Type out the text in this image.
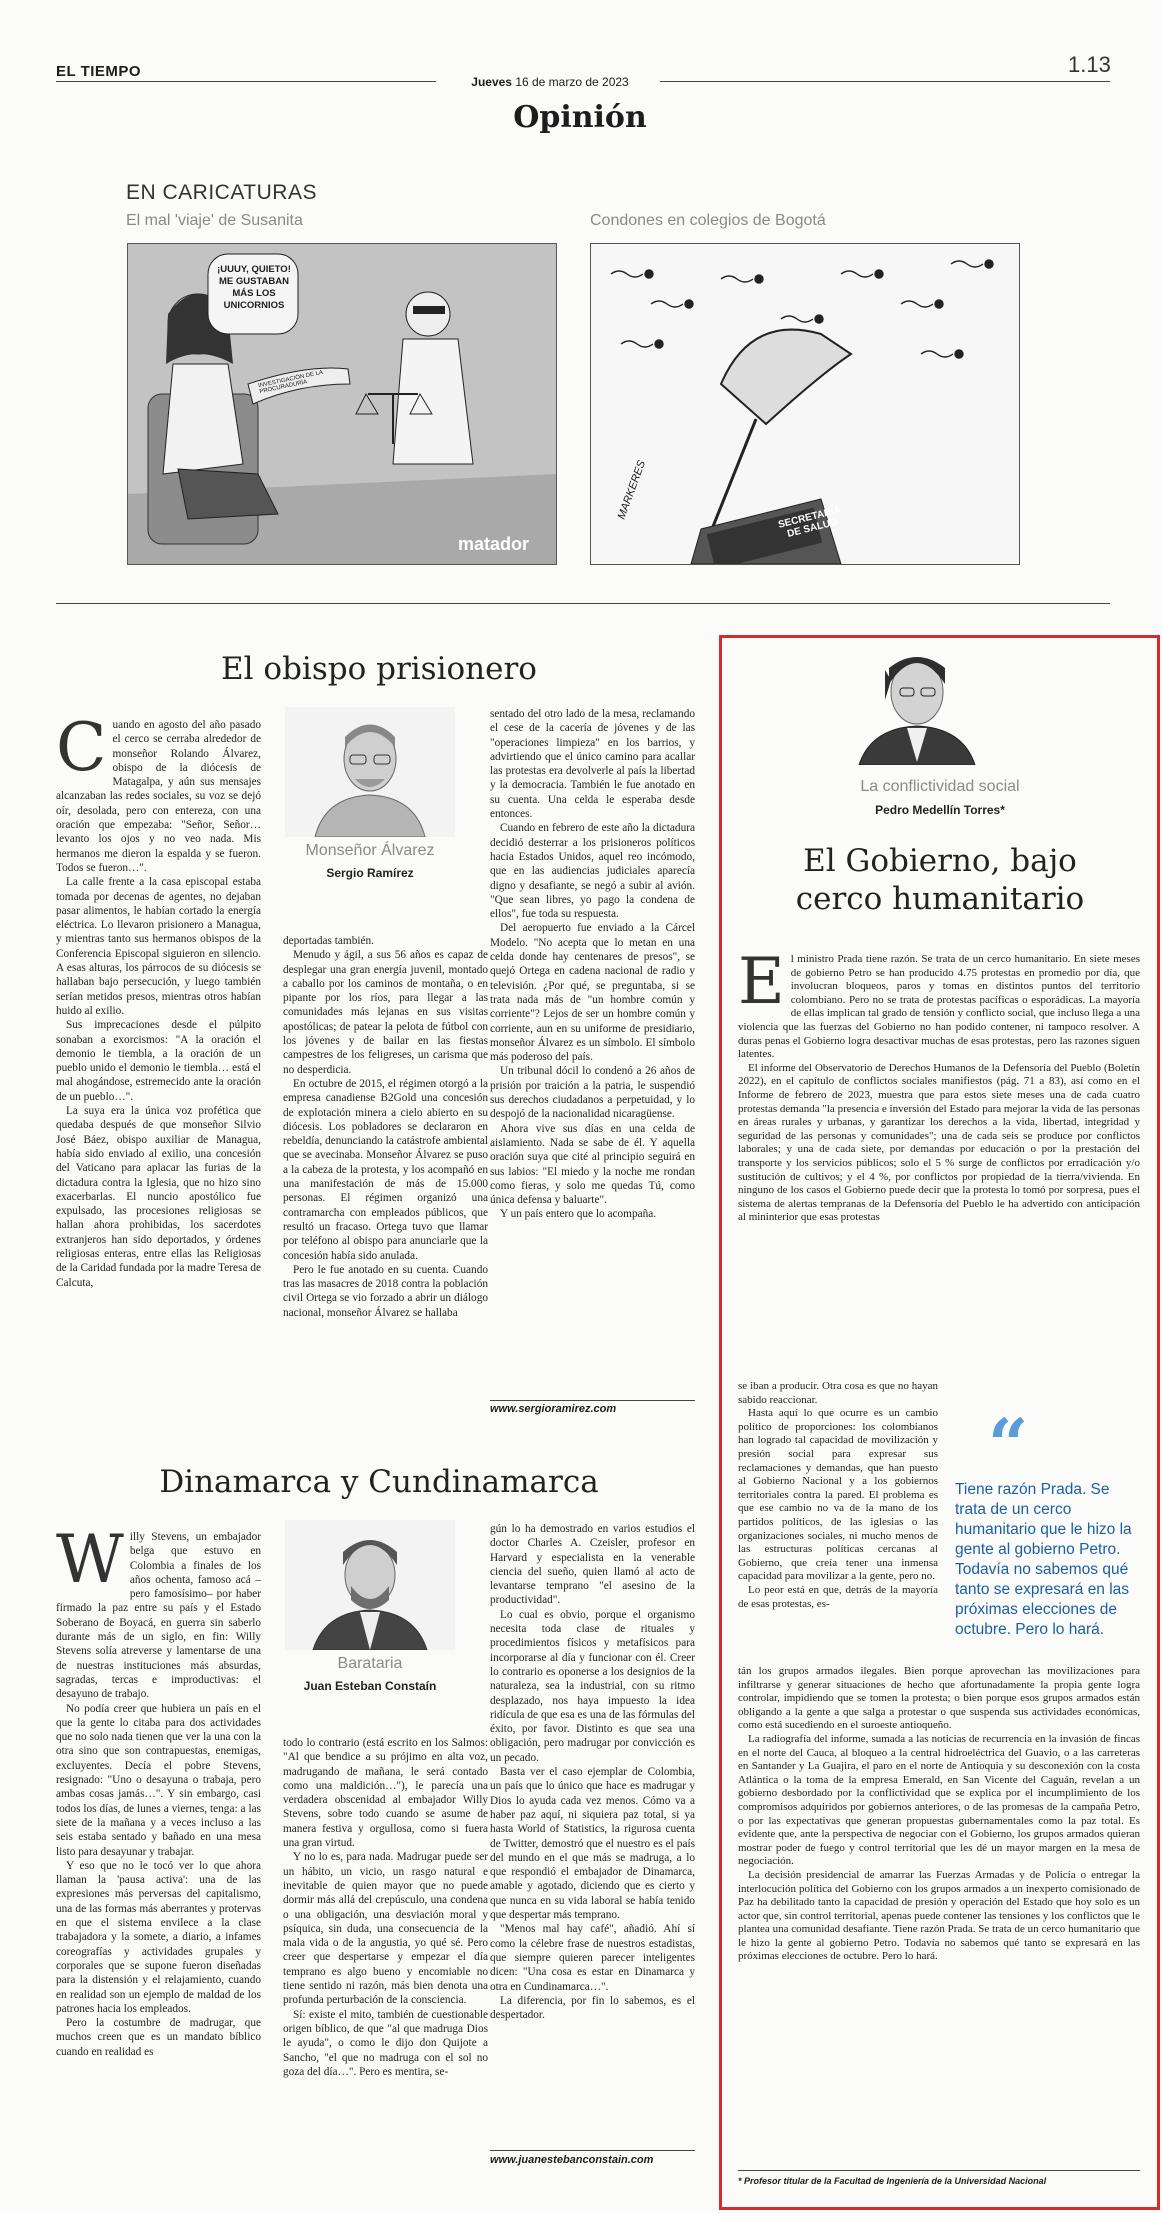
EL TIEMPO	1.13
Jueves 16 de marzo de 2023
Opinión
EN CARICATURAS
El mal 'viaje' de Susanita	Condones en colegios de Bogotá
¡UUUY, QUIETO! ME GUSTABAN MÁS LOS UNICORNIOS
INVESTIGACIÓN DE LA PROCURADURÍA
matador
SECRETARÍA DE SALUD
MARKERES
El obispo prisionero
C uando en agosto del año pasado el cerco se cerraba alrededor de monseñor Rolando Álvarez, obispo de la diócesis de Matagalpa, y aún sus mensajes alcanzaban las redes sociales, su voz se dejó oír, desolada, pero con entereza, con una oración que empezaba: "Señor, Señor… levanto los ojos y no veo nada. Mis hermanos me dieron la espalda y se fueron. Todos se fueron…".

La calle frente a la casa episcopal estaba tomada por decenas de agentes, no dejaban pasar alimentos, le habían cortado la energía eléctrica. Lo llevaron prisionero a Managua, y mientras tanto sus hermanos obispos de la Conferencia Episcopal siguieron en silencio. A esas alturas, los párrocos de su diócesis se hallaban bajo persecución, y luego también serían metidos presos, mientras otros habían huido al exilio.

Sus imprecaciones desde el púlpito sonaban a exorcismos: "A la oración el demonio le tiembla, a la oración de un pueblo unido el demonio le tiembla… está el mal ahogándose, estremecido ante la oración de un pueblo…".

La suya era la única voz profética que quedaba después de que monseñor Silvio José Báez, obispo auxiliar de Managua, había sido enviado al exilio, una concesión del Vaticano para aplacar las furias de la dictadura contra la Iglesia, que no hizo sino exacerbarlas. El nuncio apostólico fue expulsado, las procesiones religiosas se hallan ahora prohibidas, los sacerdotes extranjeros han sido deportados, y órdenes religiosas enteras, entre ellas las Religiosas de la Caridad fundada por la madre Teresa de Calcuta,

Monseñor Álvarez
Sergio Ramírez

deportadas también.

Menudo y ágil, a sus 56 años es capaz de desplegar una gran energía juvenil, montado a caballo por los caminos de montaña, o en pipante por los ríos, para llegar a las comunidades más lejanas en sus visitas apostólicas; de patear la pelota de fútbol con los jóvenes y de bailar en las fiestas campestres de los feligreses, un carisma que no desperdicia.

En octubre de 2015, el régimen otorgó a la empresa canadiense B2Gold una concesión de explotación minera a cielo abierto en su diócesis. Los pobladores se declararon en rebeldía, denunciando la catástrofe ambiental que se avecinaba. Monseñor Álvarez se puso a la cabeza de la protesta, y los acompañó en una manifestación de más de 15.000 personas. El régimen organizó una contramarcha con empleados públicos, que resultó un fracaso. Ortega tuvo que llamar por teléfono al obispo para anunciarle que la concesión había sido anulada.

Pero le fue anotado en su cuenta. Cuando tras las masacres de 2018 contra la población civil Ortega se vio forzado a abrir un diálogo nacional, monseñor Álvarez se hallaba

sentado del otro lado de la mesa, reclamando el cese de la cacería de jóvenes y de las "operaciones limpieza" en los barrios, y advirtiendo que el único camino para acallar las protestas era devolverle al país la libertad y la democracia. También le fue anotado en su cuenta. Una celda le esperaba desde entonces.

Cuando en febrero de este año la dictadura decidió desterrar a los prisioneros políticos hacia Estados Unidos, aquel reo incómodo, que en las audiencias judiciales aparecía digno y desafiante, se negó a subir al avión. "Que sean libres, yo pago la condena de ellos", fue toda su respuesta.

Del aeropuerto fue enviado a la Cárcel Modelo. "No acepta que lo metan en una celda donde hay centenares de presos", se quejó Ortega en cadena nacional de radio y televisión. ¿Por qué, se preguntaba, si se trata nada más de "un hombre común y corriente"? Lejos de ser un hombre común y corriente, aun en su uniforme de presidiario, monseñor Álvarez es un símbolo. El símbolo más poderoso del país.

Un tribunal dócil lo condenó a 26 años de prisión por traición a la patria, le suspendió sus derechos ciudadanos a perpetuidad, y lo despojó de la nacionalidad nicaragüense.

Ahora vive sus días en una celda de aislamiento. Nada se sabe de él. Y aquella oración suya que cité al principio seguirá en sus labios: "El miedo y la noche me rondan como fieras, y solo me quedas Tú, como única defensa y baluarte".

Y un país entero que lo acompaña.

www.sergioramirez.com
Dinamarca y Cundinamarca
W illy Stevens, un embajador belga que estuvo en Colombia a finales de los años ochenta, famoso acá –pero famosísimo– por haber firmado la paz entre su país y el Estado Soberano de Boyacá, en guerra sin saberlo durante más de un siglo, en fin: Willy Stevens solía atreverse y lamentarse de una de nuestras instituciones más absurdas, sagradas, tercas e improductivas: el desayuno de trabajo.

No podía creer que hubiera un país en el que la gente lo citaba para dos actividades que no solo nada tienen que ver la una con la otra sino que son contrapuestas, enemigas, excluyentes. Decía el pobre Stevens, resignado: "Uno o desayuna o trabaja, pero ambas cosas jamás…". Y sin embargo, casi todos los días, de lunes a viernes, tenga: a las siete de la mañana y a veces incluso a las seis estaba sentado y bañado en una mesa listo para desayunar y trabajar.

Y eso que no le tocó ver lo que ahora llaman la 'pausa activa': una de las expresiones más perversas del capitalismo, una de las formas más aberrantes y protervas en que el sistema envilece a la clase trabajadora y la somete, a diario, a infames coreografías y actividades grupales y corporales que se supone fueron diseñadas para la distensión y el relajamiento, cuando en realidad son un ejemplo de maldad de los patrones hacia los empleados.

Pero la costumbre de madrugar, que muchos creen que es un mandato bíblico cuando en realidad es

Barataria
Juan Esteban Constaín

todo lo contrario (está escrito en los Salmos: "Al que bendice a su prójimo en alta voz, madrugando de mañana, le será contado como una maldición…"), le parecía una verdadera obscenidad al embajador Willy Stevens, sobre todo cuando se asume de manera festiva y orgullosa, como si fuera una gran virtud.

Y no lo es, para nada. Madrugar puede ser un hábito, un vicio, un rasgo natural e inevitable de quien mayor que no puede dormir más allá del crepúsculo, una condena o una obligación, una desviación moral y psíquica, sin duda, una consecuencia de la mala vida o de la angustia, yo qué sé. Pero creer que despertarse y empezar el día temprano es algo bueno y encomiable no tiene sentido ni razón, más bien denota una profunda perturbación de la consciencia.

Sí: existe el mito, también de cuestionable origen bíblico, de que "al que madruga Dios le ayuda", o como le dijo don Quijote a Sancho, "el que no madruga con el sol no goza del día…". Pero es mentira, se-

gún lo ha demostrado en varios estudios el doctor Charles A. Czeisler, profesor en Harvard y especialista en la venerable ciencia del sueño, quien llamó al acto de levantarse temprano "el asesino de la productividad".

Lo cual es obvio, porque el organismo necesita toda clase de rituales y procedimientos físicos y metafísicos para incorporarse al día y funcionar con él. Creer lo contrario es oponerse a los designios de la naturaleza, sea la industrial, con su ritmo desplazado, nos haya impuesto la idea ridícula de que esa es una de las fórmulas del éxito, por favor. Distinto es que sea una obligación, pero madrugar por convicción es un pecado.

Basta ver el caso ejemplar de Colombia, un país que lo único que hace es madrugar y Dios lo ayuda cada vez menos. Cómo va a haber paz aquí, ni siquiera paz total, si ya hasta World of Statistics, la rigurosa cuenta de Twitter, demostró que el nuestro es el país del mundo en el que más se madruga, a lo que respondió el embajador de Dinamarca, amable y agotado, diciendo que es cierto y que nunca en su vida laboral se había tenido que despertar más temprano.

"Menos mal hay café", añadió. Ahí sí como la célebre frase de nuestros estadistas, que siempre quieren parecer inteligentes dicen: "Una cosa es estar en Dinamarca y otra en Cundinamarca…".

La diferencia, por fin lo sabemos, es el despertador.

www.juanestebanconstain.com
La conflictividad social
Pedro Medellín Torres*
El Gobierno, bajo
cerco humanitario
E l ministro Prada tiene razón. Se trata de un cerco humanitario. En siete meses de gobierno Petro se han producido 4.75 protestas en promedio por día, que involucran bloqueos, paros y tomas en distintos puntos del territorio colombiano. Pero no se trata de protestas pacíficas o esporádicas. La mayoría de ellas implican tal grado de tensión y conflicto social, que incluso llega a una violencia que las fuerzas del Gobierno no han podido contener, ni tampoco resolver. A duras penas el Gobierno logra desactivar muchas de esas protestas, pero las razones siguen latentes.

El informe del Observatorio de Derechos Humanos de la Defensoría del Pueblo (Boletín 2022), en el capítulo de conflictos sociales manifiestos (pág. 71 a 83), así como en el Informe de febrero de 2023, muestra que para estos siete meses una de cada cuatro protestas demanda "la presencia e inversión del Estado para mejorar la vida de las personas en áreas rurales y urbanas, y garantizar los derechos a la vida, libertad, integridad y seguridad de las personas y comunidades"; una de cada seis se produce por conflictos laborales; y una de cada siete, por demandas por educación o por la prestación del transporte y los servicios públicos; solo el 5 % surge de conflictos por erradicación y/o sustitución de cultivos; y el 4 %, por conflictos por propiedad de la tierra/vivienda. En ninguno de los casos el Gobierno puede decir que la protesta lo tomó por sorpresa, pues el sistema de alertas tempranas de la Defensoría del Pueblo le ha advertido con anticipación al mininterior que esas protestas

se iban a producir. Otra cosa es que no hayan sabido reaccionar.

Hasta aquí lo que ocurre es un cambio político de proporciones: los colombianos han logrado tal capacidad de movilización y presión social para expresar sus reclamaciones y demandas, que han puesto al Gobierno Nacional y a los gobiernos territoriales contra la pared. El problema es que ese cambio no va de la mano de los partidos políticos, de las iglesias o las organizaciones sociales, ni mucho menos de las estructuras políticas cercanas al Gobierno, que creía tener una inmensa capacidad para movilizar a la gente, pero no.

Lo peor está en que, detrás de la mayoría de esas protestas, es-

“
Tiene razón Prada. Se trata de un cerco humanitario que le hizo la gente al gobierno Petro. Todavía no sabemos qué tanto se expresará en las próximas elecciones de octubre. Pero lo hará.

tán los grupos armados ilegales. Bien porque aprovechan las movilizaciones para infiltrarse y generar situaciones de hecho que afortunadamente la propia gente logra controlar, impidiendo que se tomen la protesta; o bien porque esos grupos armados están obligando a la gente a que salga a protestar o que suspenda sus actividades económicas, como está sucediendo en el suroeste antioqueño.

La radiografía del informe, sumada a las noticias de recurrencia en la invasión de fincas en el norte del Cauca, al bloqueo a la central hidroeléctrica del Guavio, o a las carreteras en Santander y La Guajira, el paro en el norte de Antioquia y su desconexión con la costa Atlántica o la toma de la empresa Emerald, en San Vicente del Caguán, revelan a un gobierno desbordado por la conflictividad que se explica por el incumplimiento de los compromisos adquiridos por gobiernos anteriores, o de las promesas de la campaña Petro, o por las expectativas que generan propuestas gubernamentales como la paz total. Es evidente que, ante la perspectiva de negociar con el Gobierno, los grupos armados quieran mostrar poder de fuego y control territorial que les dé un mayor margen en la mesa de negociación.

La decisión presidencial de amarrar las Fuerzas Armadas y de Policía o entregar la interlocución política del Gobierno con los grupos armados a un inexperto comisionado de Paz ha debilitado tanto la capacidad de presión y operación del Estado que hoy solo es un actor que, sin control territorial, apenas puede contener las tensiones y los conflictos que le plantea una comunidad desafiante. Tiene razón Prada. Se trata de un cerco humanitario que le hizo la gente al gobierno Petro. Todavía no sabemos qué tanto se expresará en las próximas elecciones de octubre. Pero lo hará.

* Profesor titular de la Facultad de Ingeniería de la Universidad Nacional
